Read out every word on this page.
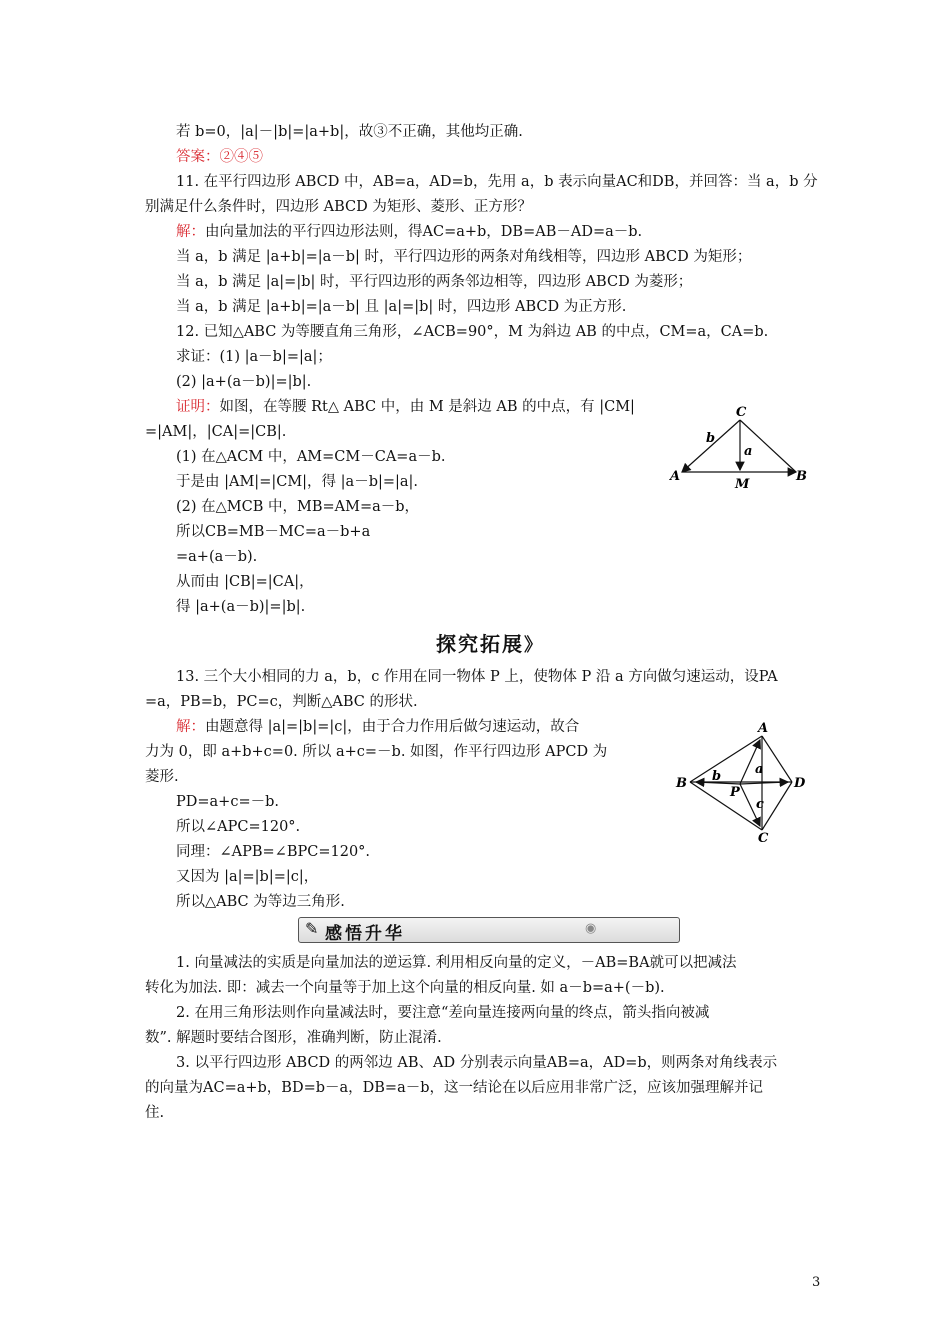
若 b=0，|a|－|b|=|a+b|，故③不正确，其他均正确.
答案：②④⑤
11. 在平行四边形 ABCD 中，AB=a，AD=b，先用 a，b 表示向量AC和DB，并回答：当 a，b 分
别满足什么条件时，四边形 ABCD 为矩形、菱形、正方形？
解：由向量加法的平行四边形法则，得AC=a+b，DB=AB－AD=a－b.
当 a，b 满足 |a+b|=|a－b| 时，平行四边形的两条对角线相等，四边形 ABCD 为矩形；
当 a，b 满足 |a|=|b| 时，平行四边形的两条邻边相等，四边形 ABCD 为菱形；
当 a，b 满足 |a+b|=|a－b| 且 |a|=|b| 时，四边形 ABCD 为正方形.
12. 已知△ABC 为等腰直角三角形，∠ACB=90°，M 为斜边 AB 的中点，CM=a，CA=b.
求证：(1) |a－b|=|a|；
(2) |a+(a－b)|=|b|.
证明：如图，在等腰 Rt△ ABC 中，由 M 是斜边 AB 的中点，有 |CM|
=|AM|，|CA|=|CB|.
(1) 在△ACM 中，AM=CM－CA=a－b.
于是由 |AM|=|CM|，得 |a－b|=|a|.
(2) 在△MCB 中，MB=AM=a－b，
所以CB=MB－MC=a－b+a
=a+(a－b).
从而由 |CB|=|CA|，
得 |a+(a－b)|=|b|.
探究拓展》
13. 三个大小相同的力 a，b，c 作用在同一物体 P 上，使物体 P 沿 a 方向做匀速运动，设PA
=a，PB=b，PC=c，判断△ABC 的形状.
解：由题意得 |a|=|b|=|c|，由于合力作用后做匀速运动，故合
力为 0，即 a+b+c=0. 所以 a+c=－b. 如图，作平行四边形 APCD 为
菱形.
PD=a+c=－b.
所以∠APC=120°.
同理：∠APB=∠BPC=120°.
又因为 |a|=|b|=|c|，
所以△ABC 为等边三角形.
✎ 感悟升华	◉
1. 向量减法的实质是向量加法的逆运算. 利用相反向量的定义，－AB=BA就可以把减法
转化为加法. 即：减去一个向量等于加上这个向量的相反向量. 如 a－b=a+(－b).
2. 在用三角形法则作向量减法时，要注意“差向量连接两向量的终点，箭头指向被减
数”. 解题时要结合图形，准确判断，防止混淆.
3. 以平行四边形 ABCD 的两邻边 AB、AD 分别表示向量AB=a，AD=b，则两条对角线表示
的向量为AC=a+b，BD=b－a，DB=a－b，这一结论在以后应用非常广泛，应该加强理解并记
住.
C
A	B
M
a
b
A
B
C
D
P
a
b
c
3
